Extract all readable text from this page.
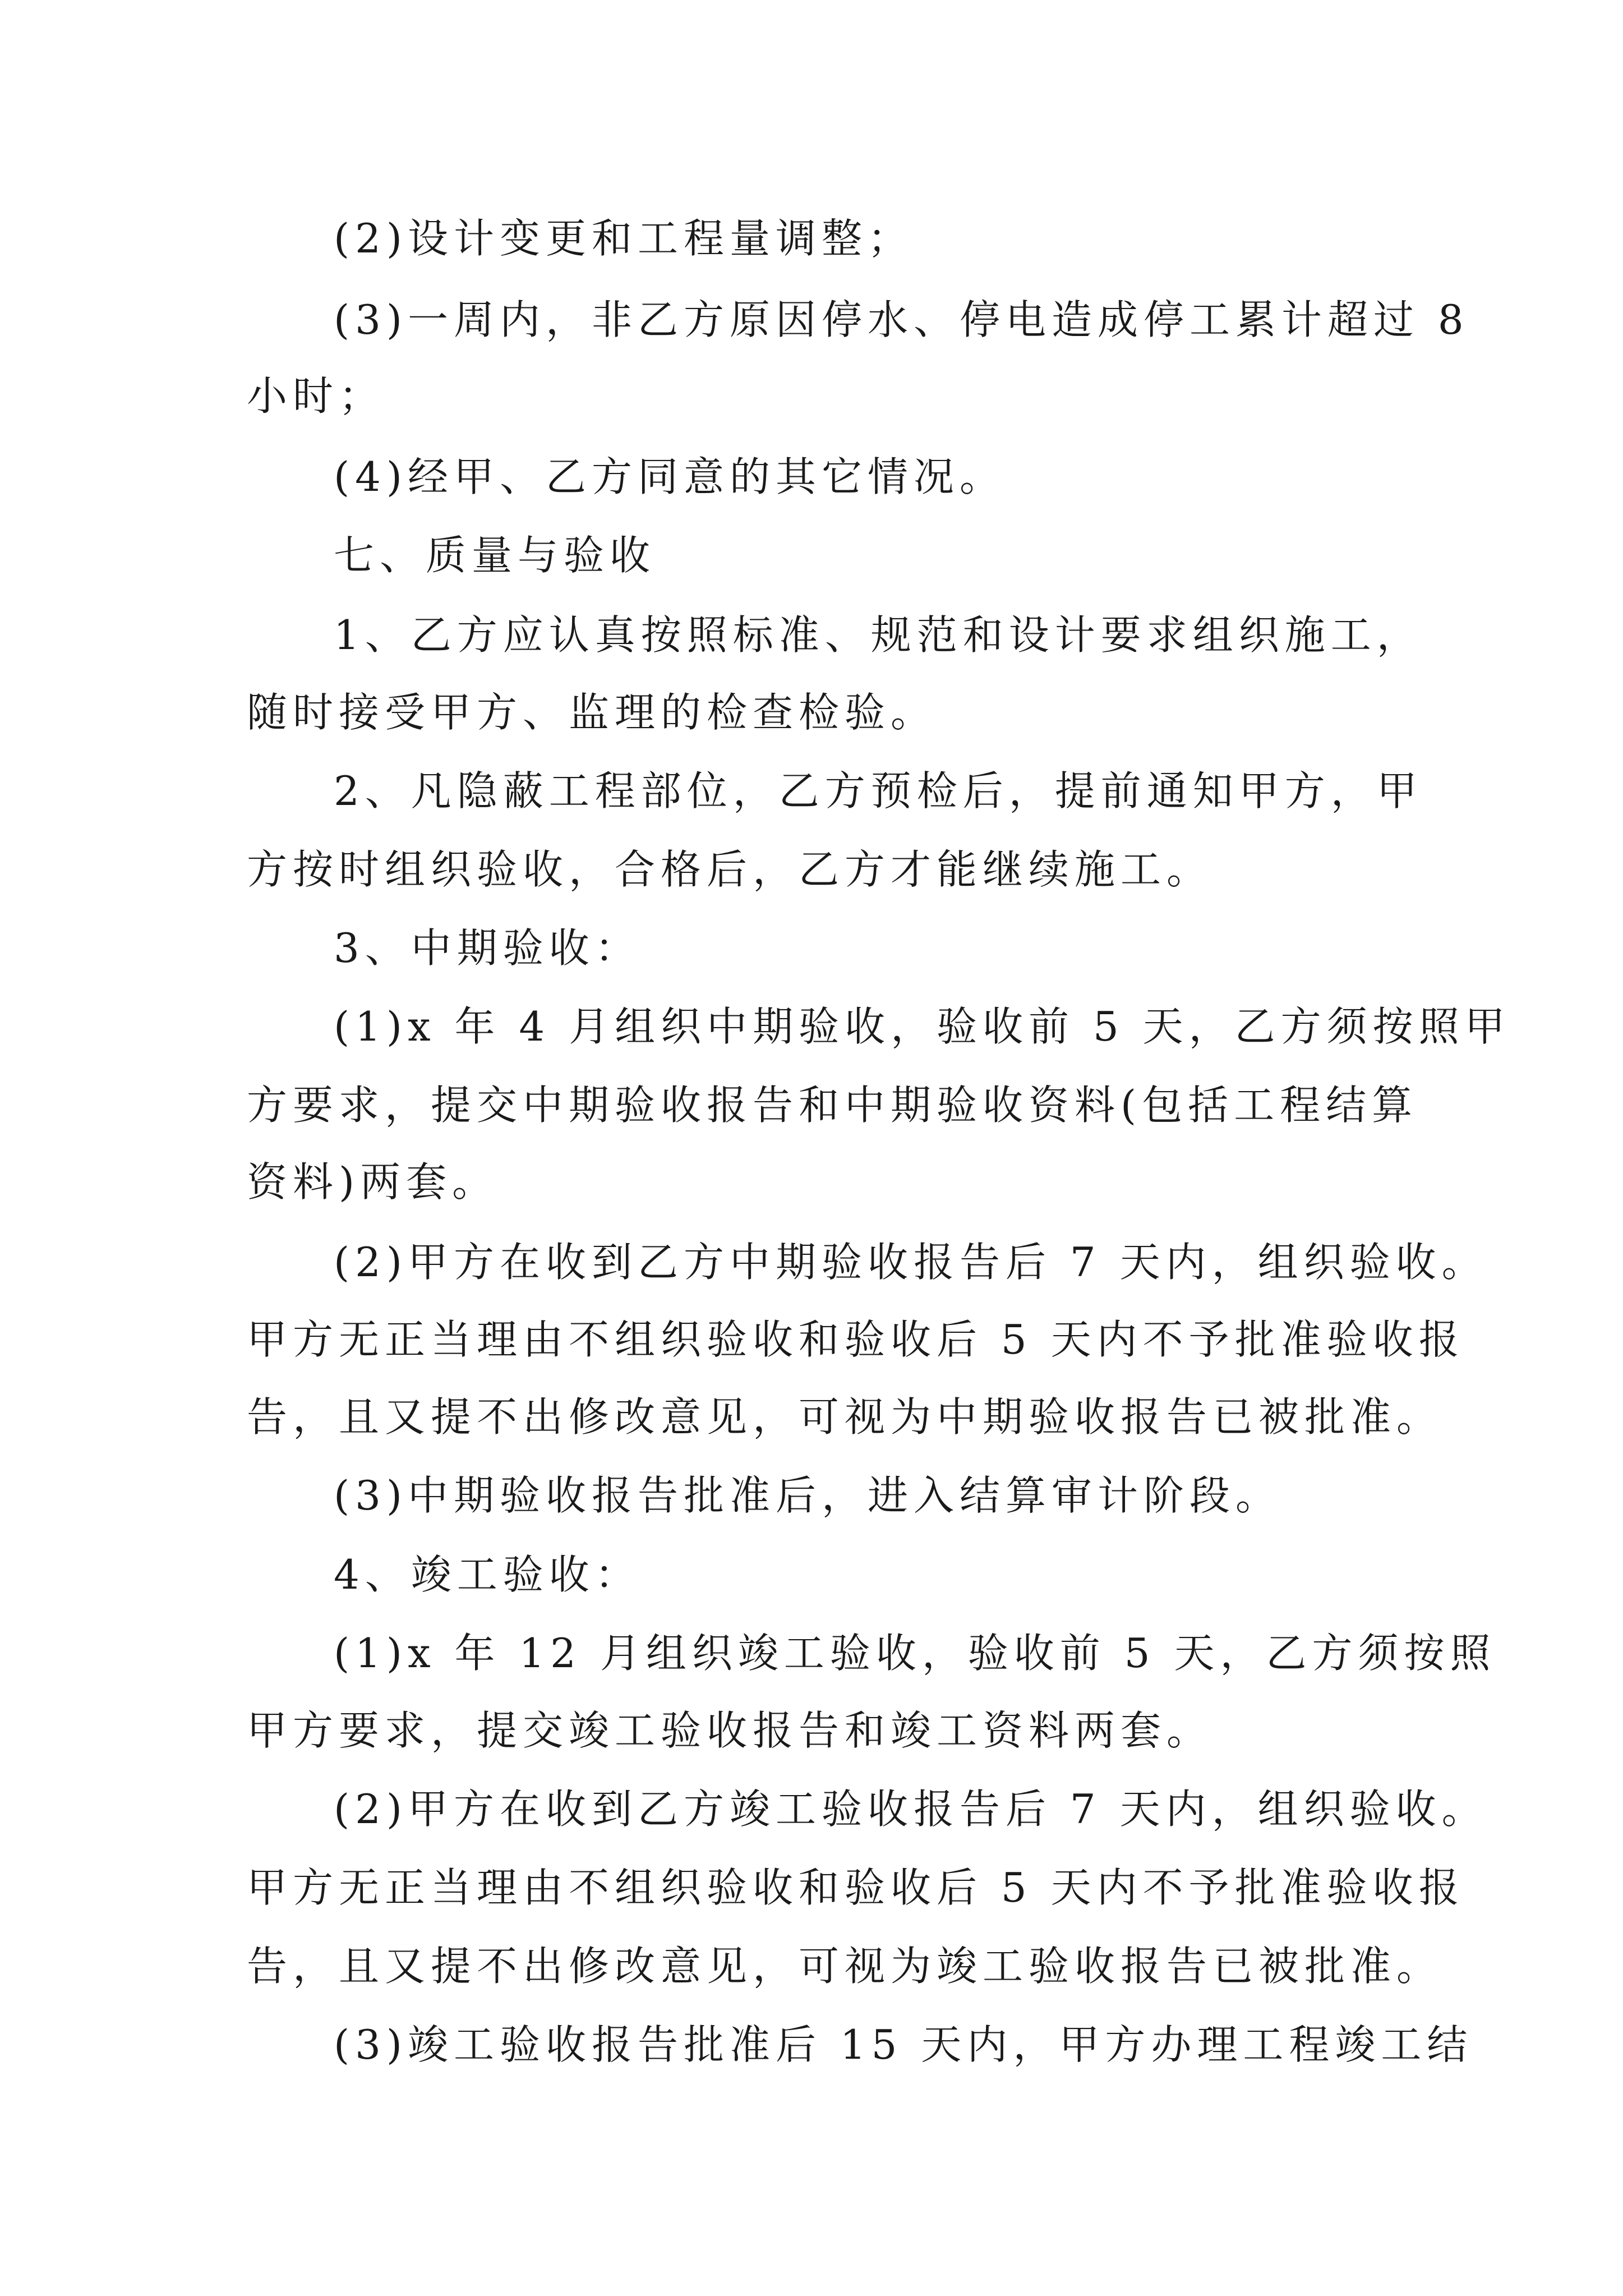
(2)设计变更和工程量调整；
(3)一周内，非乙方原因停水、停电造成停工累计超过 8
小时；
(4)经甲、乙方同意的其它情况。
七、质量与验收
1、乙方应认真按照标准、规范和设计要求组织施工，
随时接受甲方、监理的检查检验。
2、凡隐蔽工程部位，乙方预检后，提前通知甲方，甲
方按时组织验收，合格后，乙方才能继续施工。
3、中期验收：
(1)x 年 4 月组织中期验收，验收前 5 天，乙方须按照甲
方要求，提交中期验收报告和中期验收资料(包括工程结算
资料)两套。
(2)甲方在收到乙方中期验收报告后 7 天内，组织验收。
甲方无正当理由不组织验收和验收后 5 天内不予批准验收报
告，且又提不出修改意见，可视为中期验收报告已被批准。
(3)中期验收报告批准后，进入结算审计阶段。
4、竣工验收：
(1)x 年 12 月组织竣工验收，验收前 5 天，乙方须按照
甲方要求，提交竣工验收报告和竣工资料两套。
(2)甲方在收到乙方竣工验收报告后 7 天内，组织验收。
甲方无正当理由不组织验收和验收后 5 天内不予批准验收报
告，且又提不出修改意见，可视为竣工验收报告已被批准。
(3)竣工验收报告批准后 15 天内，甲方办理工程竣工结
